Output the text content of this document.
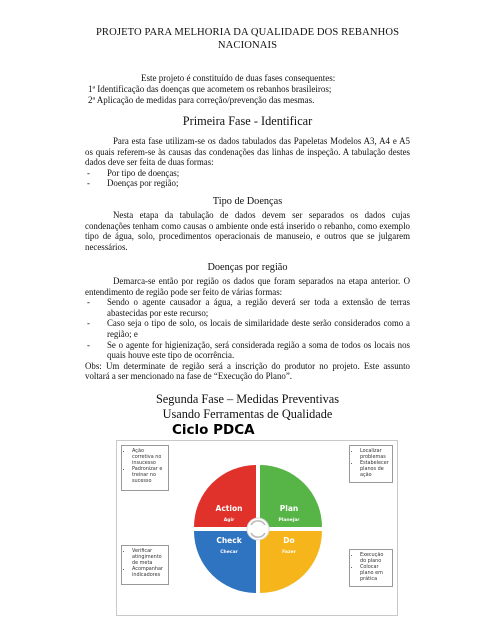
PROJETO PARA MELHORIA DA QUALIDADE DOS REBANHOS
NACIONAIS
Este projeto é constituído de duas fases consequentes:
1ª Identificação das doenças que acometem os rebanhos brasileiros;
2ª Aplicação de medidas para correção/prevenção das mesmas.
Primeira Fase - Identificar

Para esta fase utilizam-se os dados tabulados das Papeletas Modelos A3, A4 e A5 os quais referem-se às causas das condenações das linhas de inspeção. A tabulação destes dados deve ser feita de duas formas:

- Por tipo de doenças;
- Doenças por região;
Tipo de Doenças

Nesta etapa da tabulação de dados devem ser separados os dados cujas condenações tenham como causas o ambiente onde está inserido o rebanho, como exemplo tipo de água, solo, procedimentos operacionais de manuseio, e outros que se julgarem necessários.

Doenças por região

Demarca-se então por região os dados que foram separados na etapa anterior. O entendimento de região pode ser feito de várias formas:

- Sendo o agente causador a água, a região deverá ser toda a extensão de terras abastecidas por este recurso;
- Caso seja o tipo de solo, os locais de similaridade deste serão considerados como a região; e
- Se o agente for higienização, será considerada região a soma de todos os locais nos quais houve este tipo de ocorrência.

Obs: Um determinate de região será a inscrição do produtor no projeto. Este assunto voltará a ser mencionado na fase de “Execução do Plano”.

Segunda Fase – Medidas Preventivas
Usando Ferramentas de Qualidade
Ciclo PDCA
Action
Agir
Plan
Planejar
Check
Checar
Do
Fazer
• Ação corretiva no insucesso
• Padronizar e treinar no sucesso
• Localizar problemas
• Estabelecer planos de ação
• Verificar atingimento de meta
• Acompanhar indicadores
• Execução do plano
• Colocar plano em prática
